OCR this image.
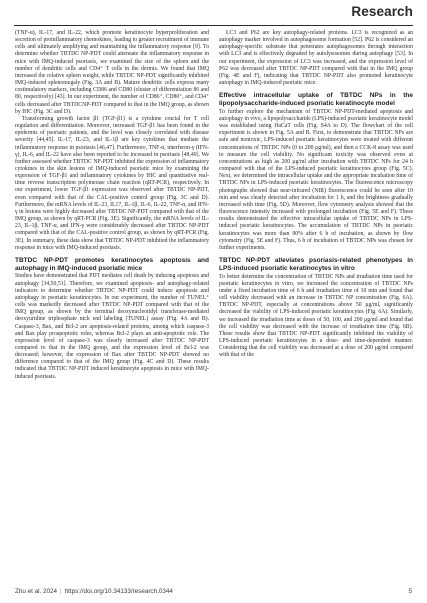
Research

(TNF-α), IL-17, and IL-22, which promote keratinocyte hyperproliferation and secretion of proinflammatory chemokines, leading to greater recruitment of immune cells and ultimately amplifying and maintaining the inflammatory response [9]. To determine whether TBTDC NP-PDT could attenuate the inflammatory response in mice with IMQ-induced psoriasis, we examined the size of the spleen and the number of dendritic cells and CD4⁺ T cells in the dermis. We found that IMQ increased the relative spleen weight, while TBTDC NP-PDT significantly inhibited IMQ-induced splenomegaly (Fig. 3A and B). Mature dendritic cells express many costimulatory markers, including CD86 and CD80 (cluster of differentiation 86 and 80, respectively) [43]. In our experiment, the number of CD86⁺, CD80⁺, and CD4⁺ cells decreased after TBTDCNP-PDT compared to that in the IMQ group, as shown by IHC (Fig. 3C and D).

Transforming growth factor β1 (TGF-β1) is a cytokine crucial for T cell regulation and differentiation. Moreover, increased TGF-β1 has been found in the epidermis of psoriatic patients, and the level was closely correlated with disease severity [44,45]. IL-17, IL-23, and IL-1β are key cytokines that mediate the inflammatory response in psoriasis [46,47]. Furthermore, TNF-α, interferon-γ (IFN-γ), IL-6, and IL-22 have also been reported to be increased in psoriasis [48,49]. We further assessed whether TBTDC NP-PDT inhibited the expression of inflammatory cytokines in the skin lesions of IMQ-induced psoriatic mice by examining the expression of TGF-β1 and inflammatory cytokines by IHC and quantitative real-time reverse transcription polymerase chain reaction (qRT-PCR), respectively. In our experiment, lower TGF-β1 expression was observed after TBTDC NP-PDT, even compared with that of the CAL-positive control group (Fig. 3C and D). Furthermore, the mRNA levels of IL-23, IL17, IL-1β, IL-6, IL-22, TNF-α, and IFN-γ in lesions were highly decreased after TBTDC NP-PDT compared with that of the IMQ group, as shown by qRT-PCR (Fig. 3E). Significantly, the mRNA levels of IL-23, IL-1β, TNF-α, and IFN-γ were considerably decreased after TBTDC NP-PDT compared with that of the CAL-positive control group, as shown by qRT-PCR (Fig. 3E). In summary, these data show that TBTDC NP-PDT inhibited the inflammatory response in mice with IMQ-induced psoriasis.

TBTDC NP-PDT promotes keratinocytes apoptosis and autophagy in IMQ-induced psoriatic mice

Studies have demonstrated that PDT mediates cell death by inducing apoptosis and autophagy [34,50,51]. Therefore, we examined apoptosis- and autophagy-related indicators to determine whether TBTDC NP-PDT could induce apoptosis and autophagy in psoriatic keratinocytes. In our experiment, the number of TUNEL⁺ cells was markedly decreased after TBTDC NP-PDT compared with that of the IMQ group, as shown by the terminal deoxynucleotidyl transferase-mediated deoxyuridine triphosphate nick end labeling (TUNEL) assay (Fig. 4A and B). Caspase-3, Bax, and Bcl-2 are apoptosis-related proteins, among which caspase-3 and Bax play proapoptotic roles, whereas Bcl-2 plays an anti-apoptotic role. The expression level of caspase-3 was clearly increased after TBTDC NP-PDT compared to that in the IMQ group, and the expression level of Bcl-2 was decreased; however, the expression of Bax after TBTDC NP-PDT showed no difference compared to that of the IMQ group (Fig. 4C and D). These results indicated that TBTDC NP-PDT induced keratinocyte apoptosis in mice with IMQ-induced psoriasis.

LC3 and P62 are key autophagy-related proteins. LC3 is recognized as an autophagy marker involved in autophagosome formation [52]. P62 is considered an autophagy-specific substrate that penetrates autophagosomes through interaction with LC3 and is effectively degraded by autolysosomes during autophagy [53]. In our experiment, the expression of LC3 was increased, and the expression level of P62 was decreased after TBTDC NP-PDT compared with that in the IMQ group (Fig. 4E and F), indicating that TBTDC NP-PDT also promoted keratinocyte autophagy in IMQ-induced psoriatic mice.

Effective intracellular uptake of TBTDC NPs in the lipopolysaccharide-induced psoriatic keratinocyte model

To further explore the mechanism of TBTDC NP-PDT-mediated apoptosis and autophagy in vivo, a lipopolysaccharide (LPS)-induced psoriatic keratinocyte model was established using HaCaT cells (Fig. S4A to D). The flowchart of the cell experiment is shown in Fig. 5A and B. First, to demonstrate that TBTDC NPs are safe and nontoxic, LPS-induced psoriatic keratinocytes were treated with different concentrations of TBTDC NPs (0 to 200 μg/ml), and then a CCK-8 assay was used to measure the cell viability. No significant toxicity was observed even at concentrations as high as 200 μg/ml after incubation with TBTDC NPs for 24 h compared with that of the LPS-induced psoriatic keratinocytes group (Fig. 5C). Next, we determined the intracellular uptake and the appropriate incubation time of TBTDC NPs in LPS-induced psoriatic keratinocytes. The fluorescence microscopy photographs showed that near-infrared (NIR) fluorescence could be seen after 10 min and was clearly detected after incubation for 1 h, and the brightness gradually increased with time (Fig. 5D). Moreover, flow cytometry analysis showed that the fluorescence intensity increased with prolonged incubation (Fig. 5E and F). These results demonstrated the effective intracellular uptake of TBTDC NPs in LPS-induced psoriatic keratinocytes. The accumulation of TBTDC NPs in psoriatic keratinocytes was more than 90% after 6 h of incubation, as shown by flow cytometry (Fig. 5E and F). Thus, 6 h of incubation of TBTDC NPs was chosen for further experiments.

TBTDC NP-PDT alleviates psoriasis-related phenotypes in LPS-induced psoriatic keratinocytes in vitro

To better determine the concentration of TBTDC NPs and irradiation time used for psoriatic keratinocytes in vitro, we increased the concentration of TBTDC NPs under a fixed incubation time of 6 h and irradiation time of 10 min and found that cell viability decreased with an increase in TBTDC NP concentration (Fig. 6A). TBTDC NP-PDT, especially at concentrations above 50 μg/ml, significantly decreased the viability of LPS-induced psoriatic keratinocytes (Fig. 6A). Similarly, we increased the irradiation time at doses of 50, 100, and 200 μg/ml and found that the cell viability was decreased with the increase of irradiation time (Fig. 6B). These results show that TBTDC NP-PDT significantly inhibited the viability of LPS-induced psoriatic keratinocytes in a dose- and time-dependent manner. Considering that the cell viability was decreased at a dose of 200 μg/ml compared with that of the

Zhu et al. 2024 | https://doi.org/10.34133/research.0344	5
